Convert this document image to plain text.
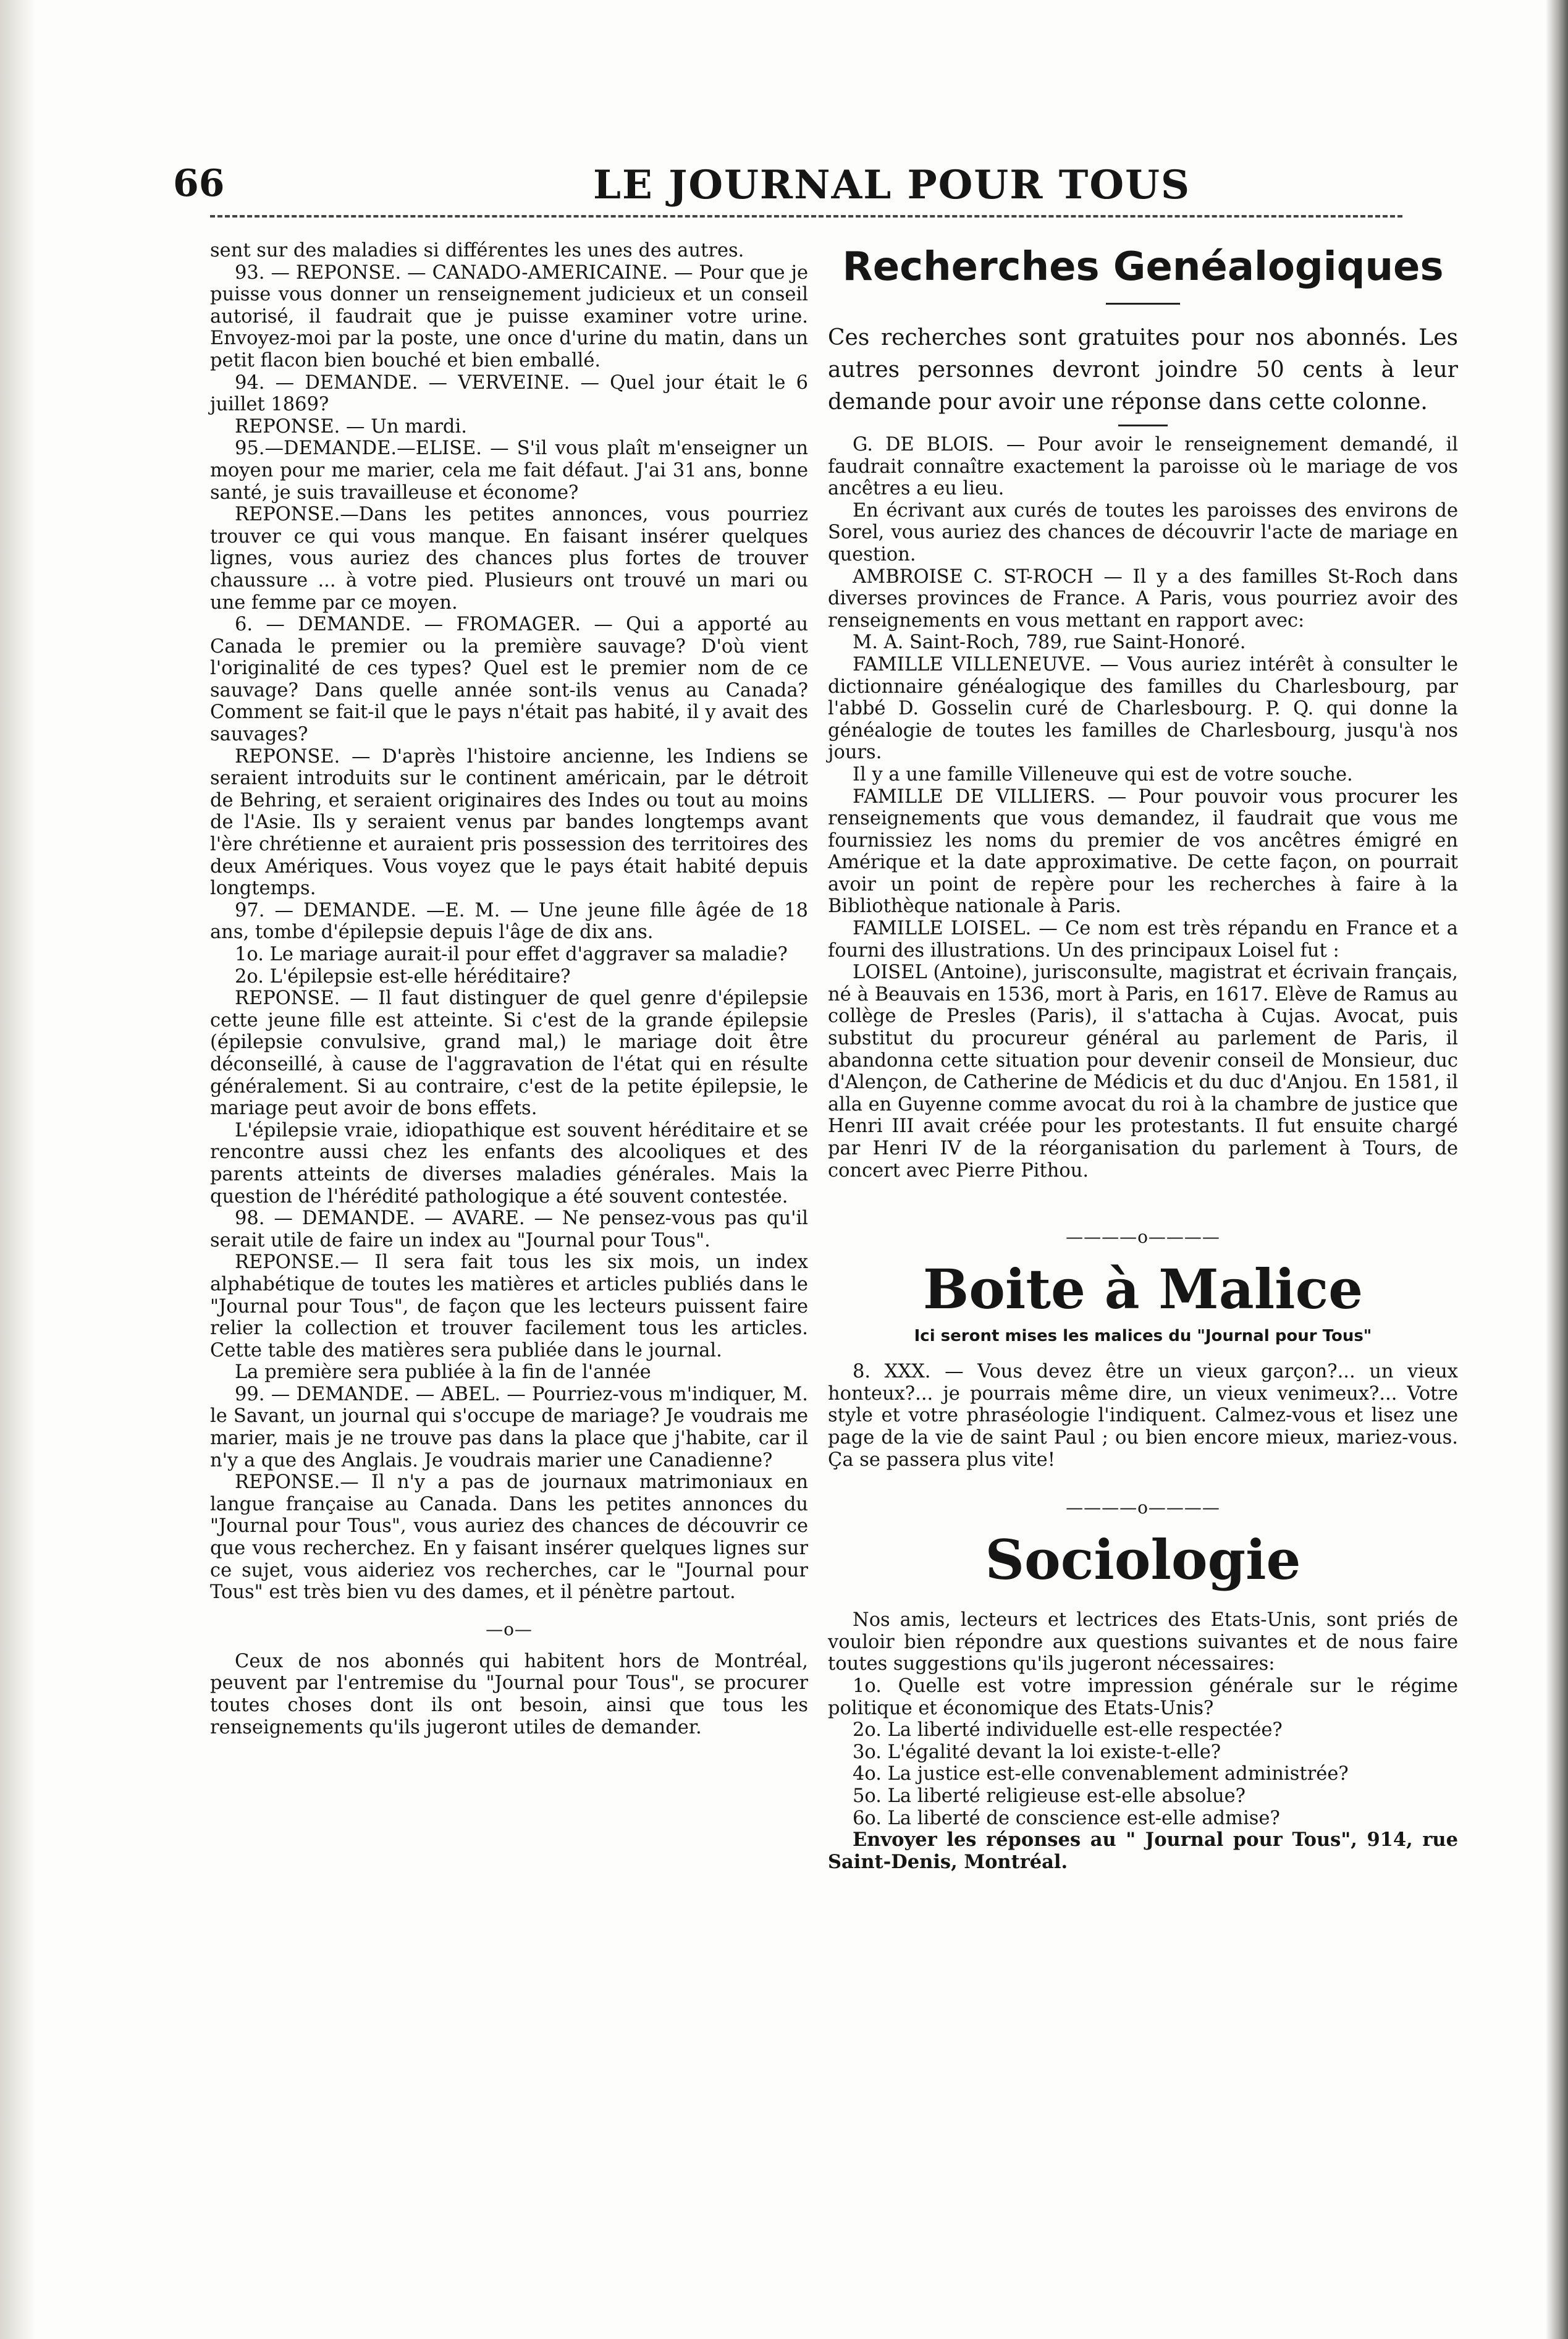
66	LE JOURNAL POUR TOUS

sent sur des maladies si différentes les unes des autres.

93. — REPONSE. — CANADO-AMERICAINE. — Pour que je puisse vous donner un renseignement judicieux et un conseil autorisé, il faudrait que je puisse examiner votre urine. Envoyez-moi par la poste, une once d'urine du matin, dans un petit flacon bien bouché et bien emballé.

94. — DEMANDE. — VERVEINE. — Quel jour était le 6 juillet 1869?

REPONSE. — Un mardi.

95.—DEMANDE.—ELISE. — S'il vous plaît m'enseigner un moyen pour me marier, cela me fait défaut. J'ai 31 ans, bonne santé, je suis travailleuse et économe?

REPONSE.—Dans les petites annonces, vous pourriez trouver ce qui vous manque. En faisant insérer quelques lignes, vous auriez des chances plus fortes de trouver chaussure ... à votre pied. Plusieurs ont trouvé un mari ou une femme par ce moyen.

6. — DEMANDE. — FROMAGER. — Qui a apporté au Canada le premier ou la première sauvage? D'où vient l'originalité de ces types? Quel est le premier nom de ce sauvage? Dans quelle année sont-ils venus au Canada? Comment se fait-il que le pays n'était pas habité, il y avait des sauvages?

REPONSE. — D'après l'histoire ancienne, les Indiens se seraient introduits sur le continent américain, par le détroit de Behring, et seraient originaires des Indes ou tout au moins de l'Asie. Ils y seraient venus par bandes longtemps avant l'ère chrétienne et auraient pris possession des territoires des deux Amériques. Vous voyez que le pays était habité depuis longtemps.

97. — DEMANDE. —E. M. — Une jeune fille âgée de 18 ans, tombe d'épilepsie depuis l'âge de dix ans.

1o. Le mariage aurait-il pour effet d'aggraver sa maladie?

2o. L'épilepsie est-elle héréditaire?

REPONSE. — Il faut distinguer de quel genre d'épilepsie cette jeune fille est atteinte. Si c'est de la grande épilepsie (épilepsie convulsive, grand mal,) le mariage doit être déconseillé, à cause de l'aggravation de l'état qui en résulte généralement. Si au contraire, c'est de la petite épilepsie, le mariage peut avoir de bons effets.

L'épilepsie vraie, idiopathique est souvent héréditaire et se rencontre aussi chez les enfants des alcooliques et des parents atteints de diverses maladies générales. Mais la question de l'hérédité pathologique a été souvent contestée.

98. — DEMANDE. — AVARE. — Ne pensez-vous pas qu'il serait utile de faire un index au "Journal pour Tous".

REPONSE.— Il sera fait tous les six mois, un index alphabétique de toutes les matières et articles publiés dans le "Journal pour Tous", de façon que les lecteurs puissent faire relier la collection et trouver facilement tous les articles. Cette table des matières sera publiée dans le journal.

La première sera publiée à la fin de l'année

99. — DEMANDE. — ABEL. — Pourriez-vous m'indiquer, M. le Savant, un journal qui s'occupe de mariage? Je voudrais me marier, mais je ne trouve pas dans la place que j'habite, car il n'y a que des Anglais. Je voudrais marier une Canadienne?

REPONSE.— Il n'y a pas de journaux matrimoniaux en langue française au Canada. Dans les petites annonces du "Journal pour Tous", vous auriez des chances de découvrir ce que vous recherchez. En y faisant insérer quelques lignes sur ce sujet, vous aideriez vos recherches, car le "Journal pour Tous" est très bien vu des dames, et il pénètre partout.

—o—

Ceux de nos abonnés qui habitent hors de Montréal, peuvent par l'entremise du "Journal pour Tous", se procurer toutes choses dont ils ont besoin, ainsi que tous les renseignements qu'ils jugeront utiles de demander.

Recherches Genéalogiques

Ces recherches sont gratuites pour nos abonnés. Les autres personnes devront joindre 50 cents à leur demande pour avoir une réponse dans cette colonne.

G. DE BLOIS. — Pour avoir le renseignement demandé, il faudrait connaître exactement la paroisse où le mariage de vos ancêtres a eu lieu.

En écrivant aux curés de toutes les paroisses des environs de Sorel, vous auriez des chances de découvrir l'acte de mariage en question.

AMBROISE C. ST-ROCH — Il y a des familles St-Roch dans diverses provinces de France. A Paris, vous pourriez avoir des renseignements en vous mettant en rapport avec:

M. A. Saint-Roch, 789, rue Saint-Honoré.

FAMILLE VILLENEUVE. — Vous auriez intérêt à consulter le dictionnaire généalogique des familles du Charlesbourg, par l'abbé D. Gosselin curé de Charlesbourg. P. Q. qui donne la généalogie de toutes les familles de Charlesbourg, jusqu'à nos jours.

Il y a une famille Villeneuve qui est de votre souche.

FAMILLE DE VILLIERS. — Pour pouvoir vous procurer les renseignements que vous demandez, il faudrait que vous me fournissiez les noms du premier de vos ancêtres émigré en Amérique et la date approximative. De cette façon, on pourrait avoir un point de repère pour les recherches à faire à la Bibliothèque nationale à Paris.

FAMILLE LOISEL. — Ce nom est très répandu en France et a fourni des illustrations. Un des principaux Loisel fut :

LOISEL (Antoine), jurisconsulte, magistrat et écrivain français, né à Beauvais en 1536, mort à Paris, en 1617. Elève de Ramus au collège de Presles (Paris), il s'attacha à Cujas. Avocat, puis substitut du procureur général au parlement de Paris, il abandonna cette situation pour devenir conseil de Monsieur, duc d'Alençon, de Catherine de Médicis et du duc d'Anjou. En 1581, il alla en Guyenne comme avocat du roi à la chambre de justice que Henri III avait créée pour les protestants. Il fut ensuite chargé par Henri IV de la réorganisation du parlement à Tours, de concert avec Pierre Pithou.

————o————
Boite à Malice
Ici seront mises les malices du "Journal pour Tous"

8. XXX. — Vous devez être un vieux garçon?... un vieux honteux?... je pourrais même dire, un vieux venimeux?... Votre style et votre phraséologie l'indiquent. Calmez-vous et lisez une page de la vie de saint Paul ; ou bien encore mieux, mariez-vous. Ça se passera plus vite!

————o————
Sociologie

Nos amis, lecteurs et lectrices des Etats-Unis, sont priés de vouloir bien répondre aux questions suivantes et de nous faire toutes suggestions qu'ils jugeront nécessaires:

1o. Quelle est votre impression générale sur le régime politique et économique des Etats-Unis?

2o. La liberté individuelle est-elle respectée?

3o. L'égalité devant la loi existe-t-elle?

4o. La justice est-elle convenablement administrée?

5o. La liberté religieuse est-elle absolue?

6o. La liberté de conscience est-elle admise?

Envoyer les réponses au " Journal pour Tous", 914, rue Saint-Denis, Montréal.
